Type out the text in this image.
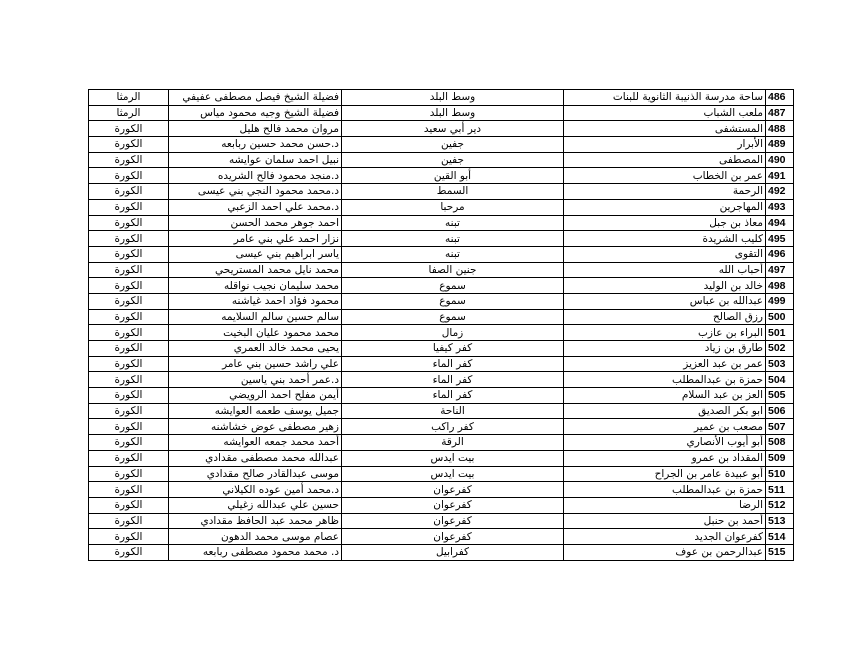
الرمثا	فضيلة الشيخ فيصل مصطفى عفيفي	وسط البلد	ساحة مدرسة الذنيبة الثانوية للبنات	486
الرمثا	فضيلة الشيخ وجيه محمود مياس	وسط البلد	ملعب الشباب	487
الكورة	مروان محمد فالح هليل	دير أبي سعيد	المستشفى	488
الكورة	د.حسن محمد حسين ربابعه	جفين	الأبرار	489
الكورة	نبيل احمد سلمان عوايشه	جفين	المصطفى	490
الكورة	د.منجد محمود فالح الشريده	أبو القين	عمر بن الخطاب	491
الكورة	د.محمد محمود النجي بني عيسى	السمط	الرحمة	492
الكورة	د.محمد علي احمد الزعبي	مرحبا	المهاجرين	493
الكورة	احمد جوهر محمد الحسن	تبنه	معاذ بن جبل	494
الكورة	نزار احمد علي بني عامر	تبنه	كليب الشريدة	495
الكورة	ياسر ابراهيم بني عيسى	تبنه	التقوى	496
الكورة	محمد نايل محمد المستريحي	جنين الصفا	أحباب الله	497
الكورة	محمد سليمان نجيب نواقله	سموع	خالد بن الوليد	498
الكورة	محمود فؤاد احمد غياشنه	سموع	عبدالله بن عباس	499
الكورة	سالم حسين سالم السلايمه	سموع	رزق الصالح	500
الكورة	محمد محمود عليان البخيت	زمال	البراء بن عازب	501
الكورة	يحيى محمد خالد العمري	كفر كيفيا	طارق بن زياد	502
الكورة	علي راشد حسين بني عامر	كفر الماء	عمر بن عبد العزيز	503
الكورة	د.عمر أحمد بني ياسين	كفر الماء	حمزة بن عبدالمطلب	504
الكورة	أيمن مفلح احمد الرويضي	كفر الماء	العز بن عبد السلام	505
الكورة	جميل يوسف طعمه العوايشه	الناحة	ابو بكر الصديق	506
الكورة	زهير مصطفى عوض خشاشنه	كفر راكب	مصعب بن عمير	507
الكورة	أحمد محمد جمعه العوايشه	الرقة	أبو أيوب الأنصاري	508
الكورة	عبدالله محمد مصطفى مقدادي	بيت ايدس	المقداد بن عمرو	509
الكورة	موسى عبدالقادر صالح مقدادي	بيت ايدس	أبو عبيدة عامر بن الجراح	510
الكورة	د.محمد أمين عوده الكيلاني	كفرعوان	حمزة بن عبدالمطلب	511
الكورة	حسين علي عبدالله زغيلي	كفرعوان	الرضا	512
الكورة	ظاهر محمد عبد الحافظ مقدادي	كفرعوان	أحمد بن حنبل	513
الكورة	عصام موسى محمد الدهون	كفرعوان	كفرعوان الجديد	514
الكورة	د. محمد محمود مصطفى ربابعه	كفرابيل	عبدالرحمن بن عوف	515
